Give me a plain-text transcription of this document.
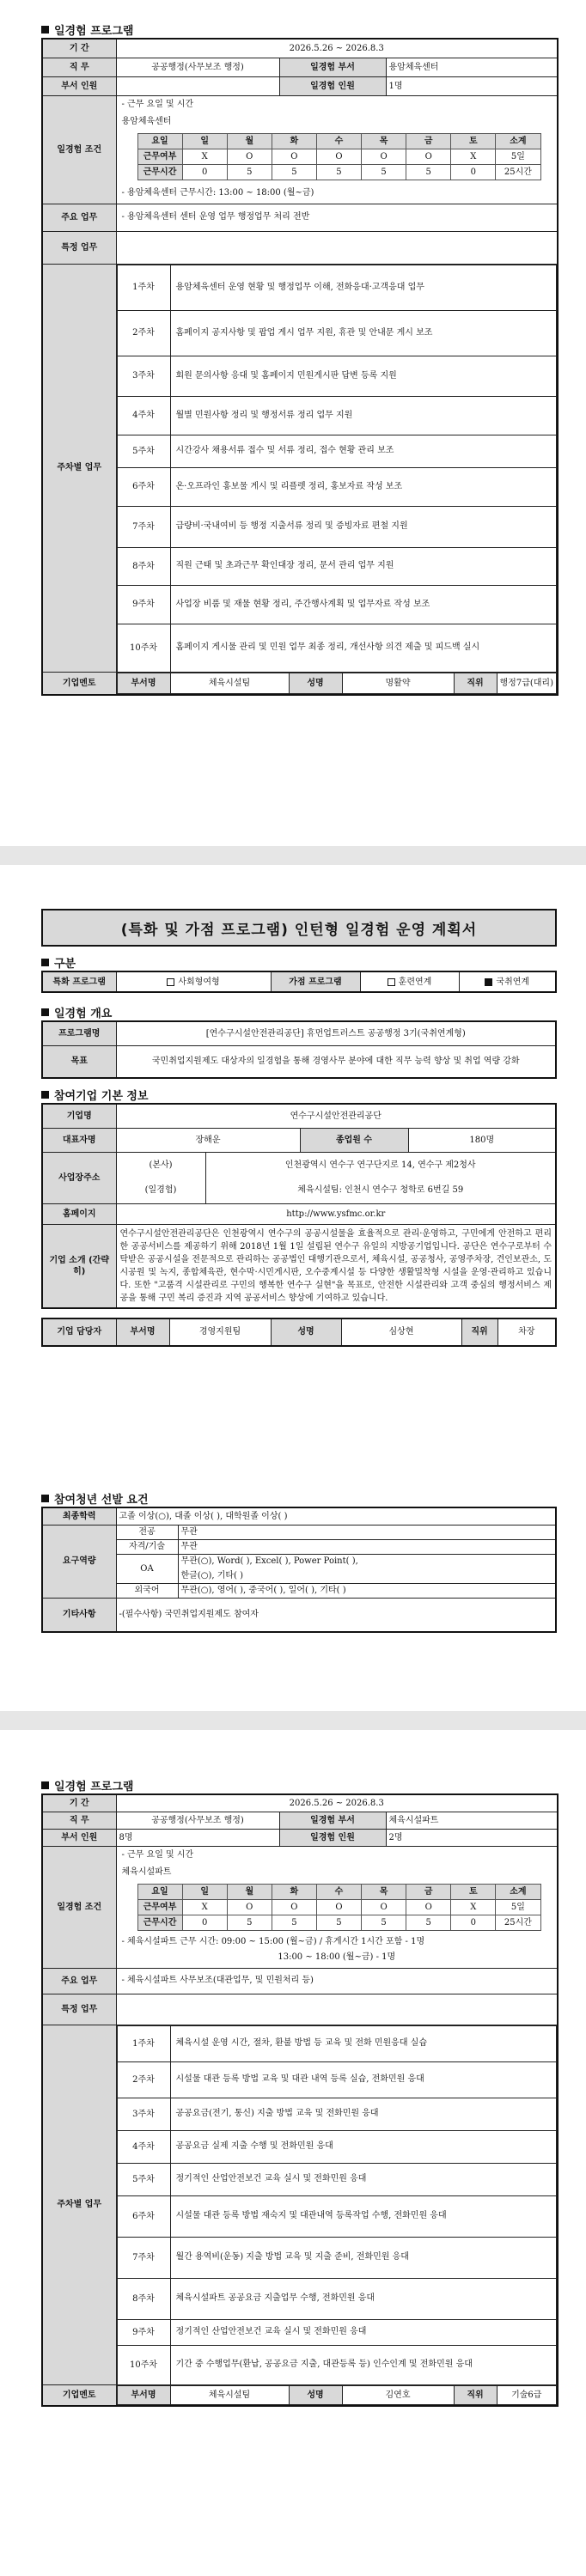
일경험 프로그램
기 간	2026.5.26 ~ 2026.8.3
직 무	공공행정(사무보조 행정)	일경험 부서	용암체육센터
부서 인원		일경험 인원	1명
일경험 조건	
- 근무 요일 및 시간
용암체육센터
요일	일	월	화	수	목	금	토	소계
근무여부	X	O	O	O	O	O	X	5일
근무시간	0	5	5	5	5	5	0	25시간
- 용암체육센터 근무시간: 13:00 ~ 18:00 (월~금)

주요 업무	- 용암체육센터 센터 운영 업무 행정업무 처리 전반
특정 업무	
주차별 업무	
1주차	용암체육센터 운영 현황 및 행정업무 이해, 전화응대·고객응대 업무
2주차	홈페이지 공지사항 및 팝업 게시 업무 지원, 휴관 및 안내문 게시 보조
3주차	회원 문의사항 응대 및 홈페이지 민원게시판 답변 등록 지원
4주차	월별 민원사항 정리 및 행정서류 정리 업무 지원
5주차	시간강사 채용서류 접수 및 서류 정리, 접수 현황 관리 보조
6주차	온·오프라인 홍보물 게시 및 리플렛 정리, 홍보자료 작성 보조
7주차	급량비·국내여비 등 행정 지출서류 정리 및 증빙자료 편철 지원
8주차	직원 근태 및 초과근무 확인대장 정리, 문서 관리 업무 지원
9주차	사업장 비품 및 재물 현황 정리, 주간행사계획 및 업무자료 작성 보조
10주차	홈페이지 게시물 관리 및 민원 업무 최종 정리, 개선사항 의견 제출 및 피드백 실시

기업멘토		부서명	체육시설팀	성명	명활약	직위	행정7급(대리)
(특화 및 가점 프로그램) 인턴형 일경험 운영 계획서
구분
특화 프로그램	사회형여형	가점 프로그램	훈련연계	국취연계
일경험 개요
프로그램명	[연수구시설안전관리공단] 휴먼업트러스트 공공행정 3기(국취연계형)
목표	국민취업지원제도 대상자의 일경험을 통해 경영사무 분야에 대한 직무 능력 향상 및 취업 역량 강화
참여기업 기본 정보
기업명	연수구시설안전관리공단			
대표자명	장해운		종업원 수	180명
사업장주소	(본사)	인천광역시 연수구 연구단지로 14, 연수구 제2청사		
	(일경험)	체육시설팀: 인천시 연수구 청학로 6번길 59		
홈페이지	http://www.ysfmc.or.kr			
기업 소개 (간략히)	연수구시설안전관리공단은 인천광역시 연수구의 공공시설물을 효율적으로 관리·운영하고, 구민에게 안전하고 편리한 공공서비스를 제공하기 위해 2018년 1월 1일 설립된 연수구 유일의 지방공기업입니다. 공단은 연수구로부터 수탁받은 공공시설을 전문적으로 관리하는 공공법인 대행기관으로서, 체육시설, 공공청사, 공영주차장, 견인보관소, 도시공원 및 녹지, 종합체육관, 현수막·시민게시판, 오수중계시설 등 다양한 생활밀착형 시설을 운영·관리하고 있습니다. 또한 "고품격 시설관리로 구민의 행복한 연수구 실현"을 목표로, 안전한 시설관리와 고객 중심의 행정서비스 제공을 통해 구민 복리 증진과 지역 공공서비스 향상에 기여하고 있습니다.			
기업 담당자	부서명	경영지원팀	성명	심상현	직위	차장
참여청년 선발 요건
최종학력	고졸 이상(○), 대졸 이상( ), 대학원졸 이상( )	
요구역량	전공	무관
	자격/기술	무관
	OA	무관(○), Word( ), Excel( ), Power Point( ),
		한글(○), 기타( )
	외국어	무관(○), 영어( ), 중국어( ), 일어( ), 기타( )
기타사항	-(필수사항) 국민취업지원제도 참여자	
일경험 프로그램
기 간	2026.5.26 ~ 2026.8.3
직 무	공공행정(사무보조 행정)	일경험 부서	체육시설파트
부서 인원	8명	일경험 인원	2명
일경험 조건	
- 근무 요일 및 시간
체육시설파트
요일	일	월	화	수	목	금	토	소계
근무여부	X	O	O	O	O	O	X	5일
근무시간	0	5	5	5	5	5	0	25시간
- 체육시설파트 근무 시간: 09:00 ~ 15:00 (월~금) / 휴게시간 1시간 포함 - 1명
13:00 ~ 18:00 (월~금) - 1명

주요 업무	- 체육시설파트 사무보조(대관업무, 및 민원처리 등)
특정 업무	
주차별 업무	
1주차	체육시설 운영 시간, 절차, 환불 방법 등 교육 및 전화 민원응대 실습
2주차	시설물 대관 등록 방법 교육 및 대관 내역 등록 실습, 전화민원 응대
3주차	공공요금(전기, 통신) 지출 방법 교육 및 전화민원 응대
4주차	공공요금 실제 지출 수행 및 전화민원 응대
5주차	정기적인 산업안전보건 교육 실시 및 전화민원 응대
6주차	시설물 대관 등록 방법 재숙지 및 대관내역 등록작업 수행, 전화민원 응대
7주차	월간 용역비(운동) 지출 방법 교육 및 지출 준비, 전화민원 응대
8주차	체육시설파트 공공요금 지출업무 수행, 전화민원 응대
9주차	정기적인 산업안전보건 교육 실시 및 전화민원 응대
10주차	기간 중 수행업무(환납, 공공요금 지출, 대관등록 등) 인수인계 및 전화민원 응대

기업멘토		부서명	체육시설팀	성명	김연호	직위	기술6급
